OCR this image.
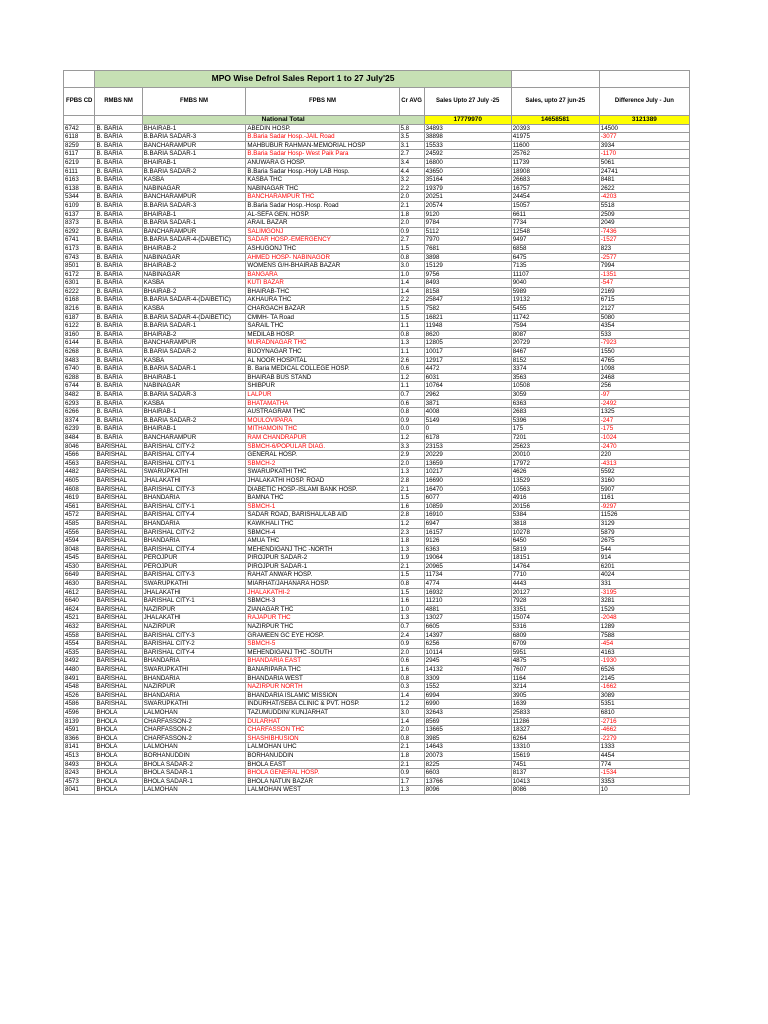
	MPO Wise Defrol Sales Report 1 to 27 July'25						
FPBS CD	RMBS NM	FMBS NM	FPBS NM	Cr AVG	Sales Upto 27 July -25	Sales, upto 27 jun-25	Difference July - Jun
		National Total			17779970	14658581	3121389
6742	B. BARIA	BHAIRAB-1	ABEDIN HOSP.	5.8	34893	20393	14500
6118	B. BARIA	B.BARIA SADAR-3	B.Baria Sadar Hosp.-JAIL Road	3.5	38898	41975	-3077
8259	B. BARIA	BANCHARAMPUR	MAHBUBUR RAHMAN-MEMORIAL HOSP	3.1	15533	11600	3934
6117	B. BARIA	B.BARIA SADAR-1	B.Baria Sadar Hosp- West Paik Para	2.7	24592	25762	-1170
6219	B. BARIA	BHAIRAB-1	ANUWARA G HOSP.	3.4	16800	11739	5061
6111	B. BARIA	B.BARIA SADAR-2	B.Baria Sadar Hosp.-Holy LAB Hosp.	4.4	43650	18908	24741
6163	B. BARIA	KASBA	KASBA THC	3.2	35164	26683	8481
6138	B. BARIA	NABINAGAR	NABINAGAR THC	2.2	19379	16757	2622
5344	B. BARIA	BANCHARAMPUR	BANCHARAMPUR THC	2.0	20251	24454	-4203
6109	B. BARIA	B.BARIA SADAR-3	B.Baria Sadar Hosp.-Hosp. Road	2.1	20574	15057	5518
6137	B. BARIA	BHAIRAB-1	AL-SEFA GEN. HOSP.	1.8	9120	6611	2509
8373	B. BARIA	B.BARIA SADAR-1	ARAIL BAZAR	2.0	9784	7734	2049
6292	B. BARIA	BANCHARAMPUR	SALIMGONJ	0.9	5112	12548	-7436
6741	B. BARIA	B.BARIA SADAR-4-(DAIBETIC)	SADAR HOSP.-EMERGENCY	2.7	7970	9497	-1527
6173	B. BARIA	BHAIRAB-2	ASHUGONJ THC	1.5	7681	6858	823
6743	B. BARIA	NABINAGAR	AHMED HOSP- NABINAGOR	0.8	3898	6475	-2577
8501	B. BARIA	BHAIRAB-2	WOMENS G/H-BHAIRAB BAZAR	3.0	15129	7135	7994
6172	B. BARIA	NABINAGAR	BANGARA	1.0	9756	11107	-1351
6301	B. BARIA	KASBA	KUTI BAZAR	1.4	8493	9040	-547
6222	B. BARIA	BHAIRAB-2	BHAIRAB-THC	1.4	8158	5989	2169
6168	B. BARIA	B.BARIA SADAR-4-(DAIBETIC)	AKHAURA THC	2.2	25847	19132	6715
8216	B. BARIA	KASBA	CHARGACH BAZAR	1.5	7582	5455	2127
6187	B. BARIA	B.BARIA SADAR-4-(DAIBETIC)	CMMH- TA Road	1.5	16821	11742	5080
6122	B. BARIA	B.BARIA SADAR-1	SARAIL THC	1.1	11948	7594	4354
8160	B. BARIA	BHAIRAB-2	MEDILAB HOSP.	0.8	8620	8087	533
6144	B. BARIA	BANCHARAMPUR	MURADNAGAR THC	1.3	12805	20729	-7923
6268	B. BARIA	B.BARIA SADAR-2	BIJOYNAGAR THC	1.1	10017	8467	1550
8483	B. BARIA	KASBA	AL NOOR HOSPITAL	2.6	12917	8152	4765
6740	B. BARIA	B.BARIA SADAR-1	B. Baria MEDICAL COLLEGE HOSP.	0.6	4472	3374	1098
6288	B. BARIA	BHAIRAB-1	BHAIRAB BUS STAND	1.2	6031	3563	2468
6744	B. BARIA	NABINAGAR	SHIBPUR	1.1	10764	10508	256
8482	B. BARIA	B.BARIA SADAR-3	LALPUR	0.7	2962	3059	-97
6293	B. BARIA	KASBA	BHATAMATHA	0.6	3871	6363	-2492
6266	B. BARIA	BHAIRAB-1	AUSTRAGRAM THC	0.8	4008	2683	1325
8374	B. BARIA	B.BARIA SADAR-2	MOULOVIPARA	0.9	5149	5396	-247
6239	B. BARIA	BHAIRAB-1	MITHAMOIN THC	0.0	0	175	-175
8484	B. BARIA	BANCHARAMPUR	RAM CHANDRAPUR	1.2	6178	7201	-1024
8046	BARISHAL	BARISHAL CITY-2	SBMCH-6/POPULAR DIAG.	3.3	23153	25623	-2470
4566	BARISHAL	BARISHAL CITY-4	GENERAL HOSP.	2.9	20229	20010	220
4563	BARISHAL	BARISHAL CITY-1	SBMCH-2	2.0	13659	17972	-4313
4482	BARISHAL	SWARUPKATHI	SWARUPKATHI THC	1.3	10217	4626	5592
4605	BARISHAL	JHALAKATHI	JHALAKATHI HOSP. ROAD	2.8	16690	13529	3160
4608	BARISHAL	BARISHAL CITY-3	DIABETIC HOSP.-ISLAMI BANK HOSP.	2.1	16470	10563	5907
4619	BARISHAL	BHANDARIA	BAMNA THC	1.5	6077	4916	1161
4561	BARISHAL	BARISHAL CITY-1	SBMCH-1	1.6	10859	20156	-9297
4572	BARISHAL	BARISHAL CITY-4	SADAR ROAD, BARISHAL/LAB AID	2.8	16910	5384	11526
4585	BARISHAL	BHANDARIA	KAWKHALI THC	1.2	6947	3818	3129
4556	BARISHAL	BARISHAL CITY-2	SBMCH-4	2.3	16157	10278	5879
4594	BARISHAL	BHANDARIA	AMUA THC	1.8	9126	6450	2675
8048	BARISHAL	BARISHAL CITY-4	MEHENDIGANJ THC -NORTH	1.3	6363	5819	544
4545	BARISHAL	PEROJPUR	PIROJPUR SADAR-2	1.9	19064	18151	914
4530	BARISHAL	PEROJPUR	PIROJPUR SADAR-1	2.1	20965	14764	6201
6649	BARISHAL	BARISHAL CITY-3	RAHAT ANWAR HOSP.	1.5	11734	7710	4024
4630	BARISHAL	SWARUPKATHI	MIARHAT/JAHANARA HOSP.	0.8	4774	4443	331
4612	BARISHAL	JHALAKATHI	JHALAKATHI-2	1.5	16932	20127	-3195
6640	BARISHAL	BARISHAL CITY-1	SBMCH-3	1.6	11210	7928	3281
4624	BARISHAL	NAZIRPUR	ZIANAGAR THC	1.0	4881	3351	1529
4521	BARISHAL	JHALAKATHI	RAJAPUR THC	1.3	13027	15074	-2048
4632	BARISHAL	NAZIRPUR	NAZIRPUR THC	0.7	6605	5316	1289
4558	BARISHAL	BARISHAL CITY-3	GRAMEEN GC EYE HOSP.	2.4	14397	6809	7588
4554	BARISHAL	BARISHAL CITY-2	SBMCH-5	0.9	6256	6709	-454
4535	BARISHAL	BARISHAL CITY-4	MEHENDIGANJ THC -SOUTH	2.0	10114	5951	4163
8492	BARISHAL	BHANDARIA	BHANDARIA EAST	0.6	2945	4875	-1930
4480	BARISHAL	SWARUPKATHI	BANARIPARA THC	1.6	14132	7607	6526
8491	BARISHAL	BHANDARIA	BHANDARIA WEST	0.8	3309	1164	2145
4548	BARISHAL	NAZIRPUR	NAZIRPUR NORTH	0.3	1552	3214	-1662
4526	BARISHAL	BHANDARIA	BHANDARIA ISLAMIC MISSION	1.4	6994	3905	3089
4586	BARISHAL	SWARUPKATHI	INDURHAT/SEBA CLINIC & PVT. HOSP.	1.2	6990	1639	5351
4596	BHOLA	LALMOHAN	TAZUMUDDIN/ KUNJARHAT	3.0	32643	25833	6810
8139	BHOLA	CHARFASSON-2	DULARHAT	1.4	8569	11286	-2716
4591	BHOLA	CHARFASSON-2	CHARFASSON THC	2.0	13665	18327	-4662
8366	BHOLA	CHARFASSON-2	SHASHIBHUSION	0.8	3985	6264	-2279
8141	BHOLA	LALMOHAN	LALMOHAN UHC	2.1	14643	13310	1333
4513	BHOLA	BORHANUDDIN	BORHANUDDIN	1.8	20073	15619	4454
8493	BHOLA	BHOLA SADAR-2	BHOLA EAST	2.1	8225	7451	774
8243	BHOLA	BHOLA SADAR-1	BHOLA GENERAL HOSP.	0.9	6603	8137	-1534
4573	BHOLA	BHOLA SADAR-1	BHOLA NATUN BAZAR	1.7	13766	10413	3353
8041	BHOLA	LALMOHAN	LALMOHAN WEST	1.3	8096	8086	10
